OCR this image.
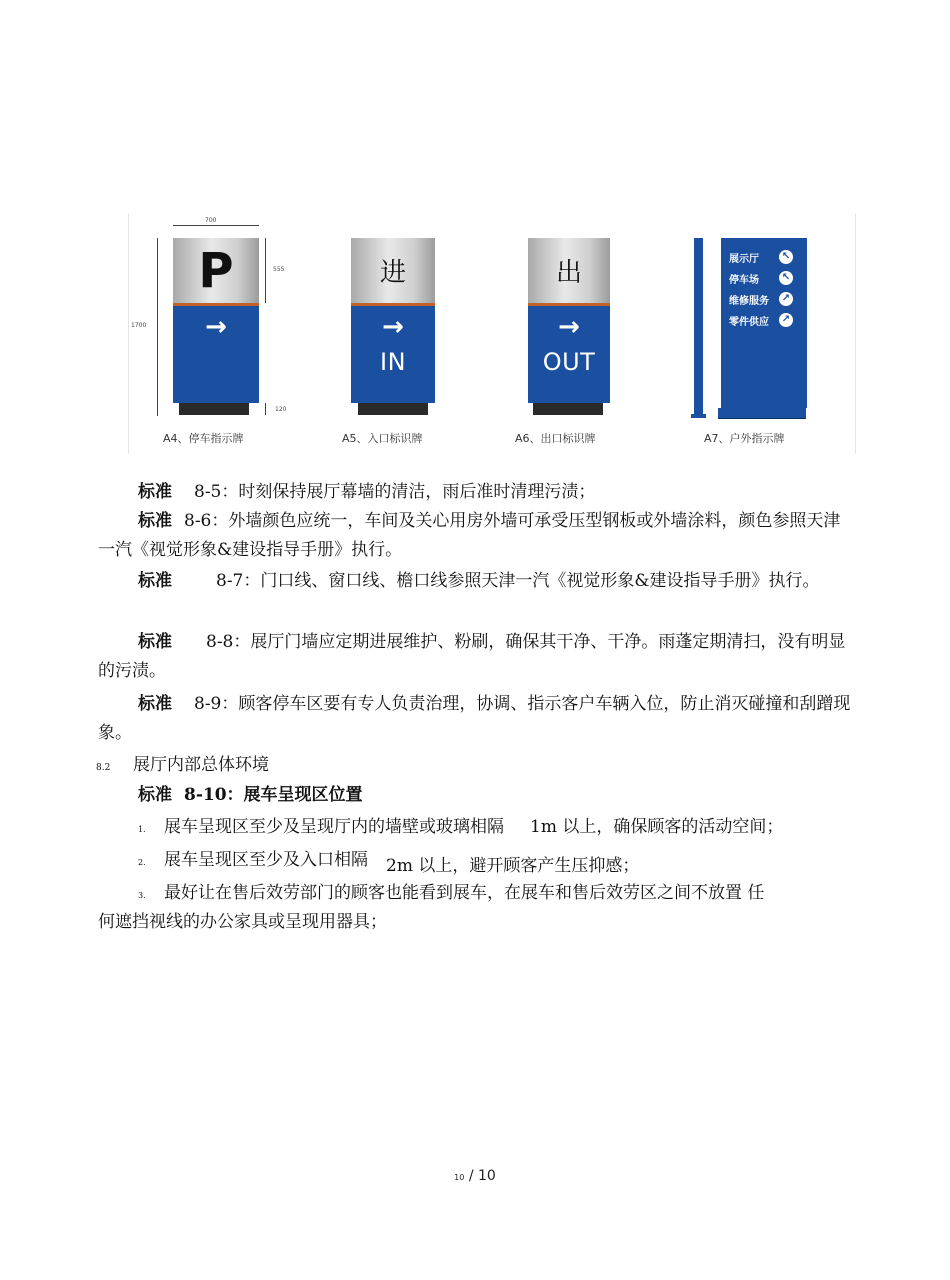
700
1700
555
120
P
→
A4、停车指示牌
进
→
IN
A5、入口标识牌
出
→
OUT
A6、出口标识牌
展示厅 ↖
停车场 ↖
维修服务 ↗
零件供应 ↗
A7、户外指示牌
标准 8-5：时刻保持展厅幕墙的清洁，雨后准时清理污渍；
标准 8-6：外墙颜色应统一，车间及关心用房外墙可承受压型钢板或外墙涂料，颜色参照天津一汽《视觉形象&建设指导手册》执行。
标准	8-7：门口线、窗口线、檐口线参照天津一汽《视觉形象&建设指导手册》执行。
标准 8-8：展厅门墙应定期进展维护、粉刷，确保其干净、干净。雨蓬定期清扫，没有明显的污渍。
标准 8-9：顾客停车区要有专人负责治理，协调、指示客户车辆入位，防止消灭碰撞和刮蹭现象。
8.2 展厅内部总体环境
标准 8-10：展车呈现区位置
1. 展车呈现区至少及呈现厅内的墙壁或玻璃相隔 1m 以上，确保顾客的活动空间；
2. 展车呈现区至少及入口相隔 2m 以上，避开顾客产生压抑感；
3. 最好让在售后效劳部门的顾客也能看到展车，在展车和售后效劳区之间不放置 任
何遮挡视线的办公家具或呈现用器具；
10 / 10
